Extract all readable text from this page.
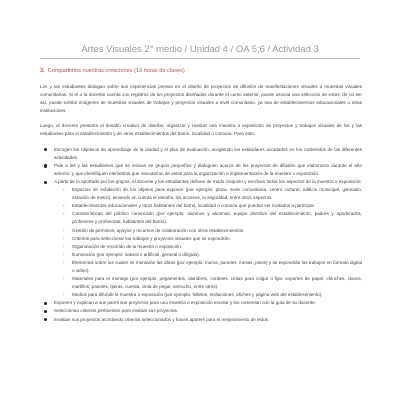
Artes Visuales 2° medio / Unidad 4 / OA 5;6 / Actividad 3
3. Compartimos nuestras creaciones (12 horas de clases)

Los y las estudiantes dialogan sobre sus experiencias previas en el diseño de proyectos de difusión de manifestaciones visuales o muestras visuales comunitarias. Si el o la docente cuenta con registros de los proyectos diseñados durante el curso anterior, puede asociar una selección de estos; de no ser así, puede exhibir imágenes de muestras visuales de trabajos y proyectos visuales a nivel comunitario, ya sea de establecimientos educacionales u otras instituciones.

Luego, el docente presenta el desafío creativo de diseñar, organizar y realizar una muestra o exposición de proyectos y trabajos visuales de los y las estudiantes para el establecimiento y de otros establecimientos del barrio, localidad o comuna. Para esto:

Escogen los objetivos de aprendizaje de la unidad y el plan de evaluación, acogiendo los estándares acordados en los contenidos de las diferentes actividades.
Pide a los y las estudiantes que se reúnan en grupos pequeños y dialoguen acerca de los proyectos de difusión que elaboraron durante el año anterior, y que identifiquen elementos que rescatarían de estos para la organización e implementación de la muestra o exposición.
A partir de lo aportado por los grupos, el docente y los estudiantes definen de modo conjunto y escriben todos los aspectos de la muestra o exposición:
- Espacios de exhibición de los objetos para exponer (por ejemplo: plaza, sede comunitaria, centro cultural, edificio municipal, gimnasio, estación de metro), teniendo en cuenta el tamaño, los accesos, la seguridad, entre otros aspectos.
- Establecimientos educacionales y otros habitantes del barrio, localidad o comuna que puedan ser invitados a participar.
- Características del público convocado (por ejemplo: alumnos y alumnas, equipo directivo del establecimiento, padres y apoderados, profesores y profesoras, habitantes del barrio).
- Gestión de permisos, apoyos y recursos de colaboración con otros establecimientos.
- Criterios para seleccionar los trabajos y proyectos visuales que se expondrán.
- Organización de recorrido de la muestra o exposición.
- Iluminación (por ejemplo: natural o artificial, general o dirigida).
- Elementos sobre los cuales se montarán las obras (por ejemplo: muros, paneles, mesas, pisos) y se expondrán los trabajos en formato digital o video).
- Materiales para el montaje (por ejemplo: pegamentos, alambres, cordeles, cintas para colgar o fijar, soportes de papel, chinches, clavos, martillos, paneles, tijeras, cuerda, cinta de pegar, serrucho, entre otros).
- Medios para difundir la muestra o exposición (por ejemplo: folletos, invitaciones, afiches y página web del establecimiento).
Exponen y explican a sus pares sus proyectos para una muestra o exposición escolar y los comentan con la guía de su docente.
Seleccionan criterios pertinentes para evaluar sus proyectos.
Evalúan sus proyectos acordando criterios seleccionados y hacen aportes para el mejoramiento de estos.
